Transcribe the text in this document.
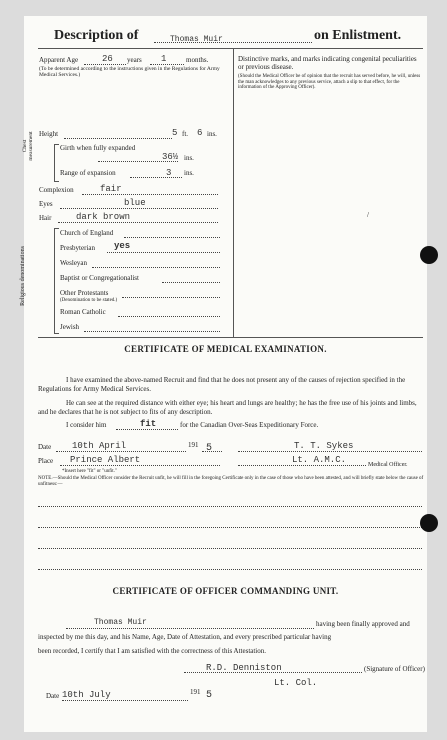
Description of	Thomas Muir	on Enlistment.
Apparent Age	26 years 1	months.
(To be determined according to the instructions given in the Regulations for Army Medical Services.)
Distinctive marks, and marks indicating congenital peculiarities or previous disease.
(Should the Medical Officer be of opinion that the recruit has served before, he will, unless the man acknowledges to any previous service, attach a slip to that effect, for the information of the Approving Officer).
/
Height	5 ft. 6 ins.
Chest measurement	Girth when fully expanded
36½ ins.
Range of expansion	3 ins.
Complexion	fair
Eyes	blue
Hair	dark brown
Religious denominations
Church of England
Presbyterian yes
Wesleyan
Baptist or Congregationalist
Other Protestants
(Denomination to be stated.)
Roman Catholic
Jewish
CERTIFICATE OF MEDICAL EXAMINATION.
I have examined the above-named Recruit and find that he does not present any of the causes of rejection specified in the Regulations for Army Medical Services.
He can see at the required distance with either eye; his heart and lungs are healthy; he has the free use of his joints and limbs, and he declares that he is not subject to fits of any description.
I consider him	fit	for the Canadian Over-Seas Expeditionary Force.
Date 10th April	191 5	T. T. Sykes
Place Prince Albert	Lt. A.M.C.	Medical Officer.
*Insert here "fit" or "unfit."
NOTE.—Should the Medical Officer consider the Recruit unfit, he will fill in the foregoing Certificate only in the case of those who have been attested, and will briefly state below the cause of unfitness:—
CERTIFICATE OF OFFICER COMMANDING UNIT.
Thomas Muir	having been finally approved and
inspected by me this day, and his Name, Age, Date of Attestation, and every prescribed particular having
been recorded, I certify that I am satisfied with the correctness of this Attestation.
R.D. Denniston	(Signature of Officer)
Lt. Col.
Date 10th July	191 5
